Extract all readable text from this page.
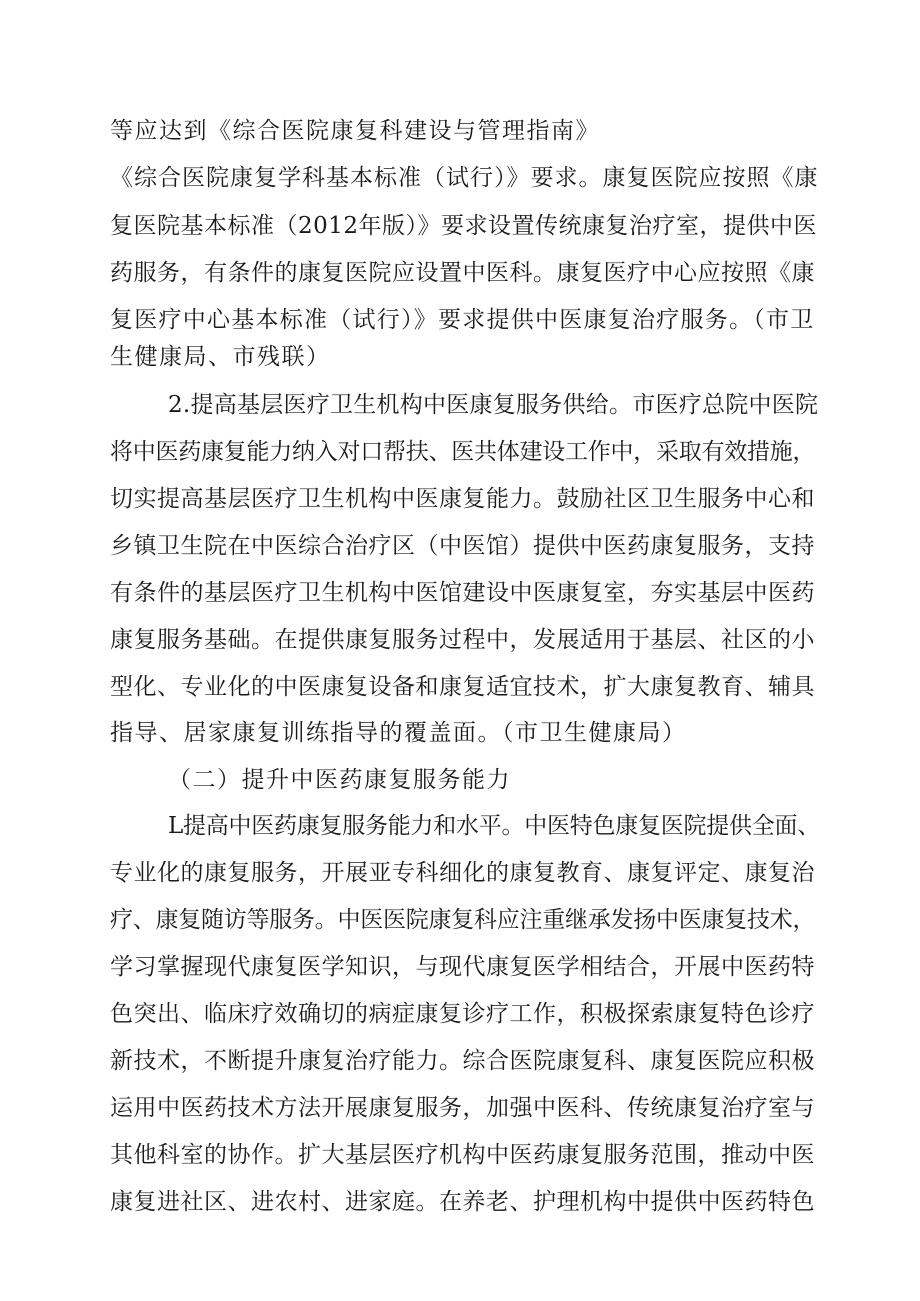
等应达到《综合医院康复科建设与管理指南》
《综合医院康复学科基本标准（试行）》要求。康复医院应按照《康
复医院基本标准（2012年版）》要求设置传统康复治疗室，提供中医
药服务，有条件的康复医院应设置中医科。康复医疗中心应按照《康
复医疗中心基本标准（试行）》要求提供中医康复治疗服务。（市卫
生健康局、市残联）
2.提高基层医疗卫生机构中医康复服务供给。市医疗总院中医院
将中医药康复能力纳入对口帮扶、医共体建设工作中，采取有效措施，
切实提高基层医疗卫生机构中医康复能力。鼓励社区卫生服务中心和
乡镇卫生院在中医综合治疗区（中医馆）提供中医药康复服务，支持
有条件的基层医疗卫生机构中医馆建设中医康复室，夯实基层中医药
康复服务基础。在提供康复服务过程中，发展适用于基层、社区的小
型化、专业化的中医康复设备和康复适宜技术，扩大康复教育、辅具
指导、居家康复训练指导的覆盖面。（市卫生健康局）
（二）提升中医药康复服务能力
L提高中医药康复服务能力和水平。中医特色康复医院提供全面、
专业化的康复服务，开展亚专科细化的康复教育、康复评定、康复治
疗、康复随访等服务。中医医院康复科应注重继承发扬中医康复技术，
学习掌握现代康复医学知识，与现代康复医学相结合，开展中医药特
色突出、临床疗效确切的病症康复诊疗工作，积极探索康复特色诊疗
新技术，不断提升康复治疗能力。综合医院康复科、康复医院应积极
运用中医药技术方法开展康复服务，加强中医科、传统康复治疗室与
其他科室的协作。扩大基层医疗机构中医药康复服务范围，推动中医
康复进社区、进农村、进家庭。在养老、护理机构中提供中医药特色
